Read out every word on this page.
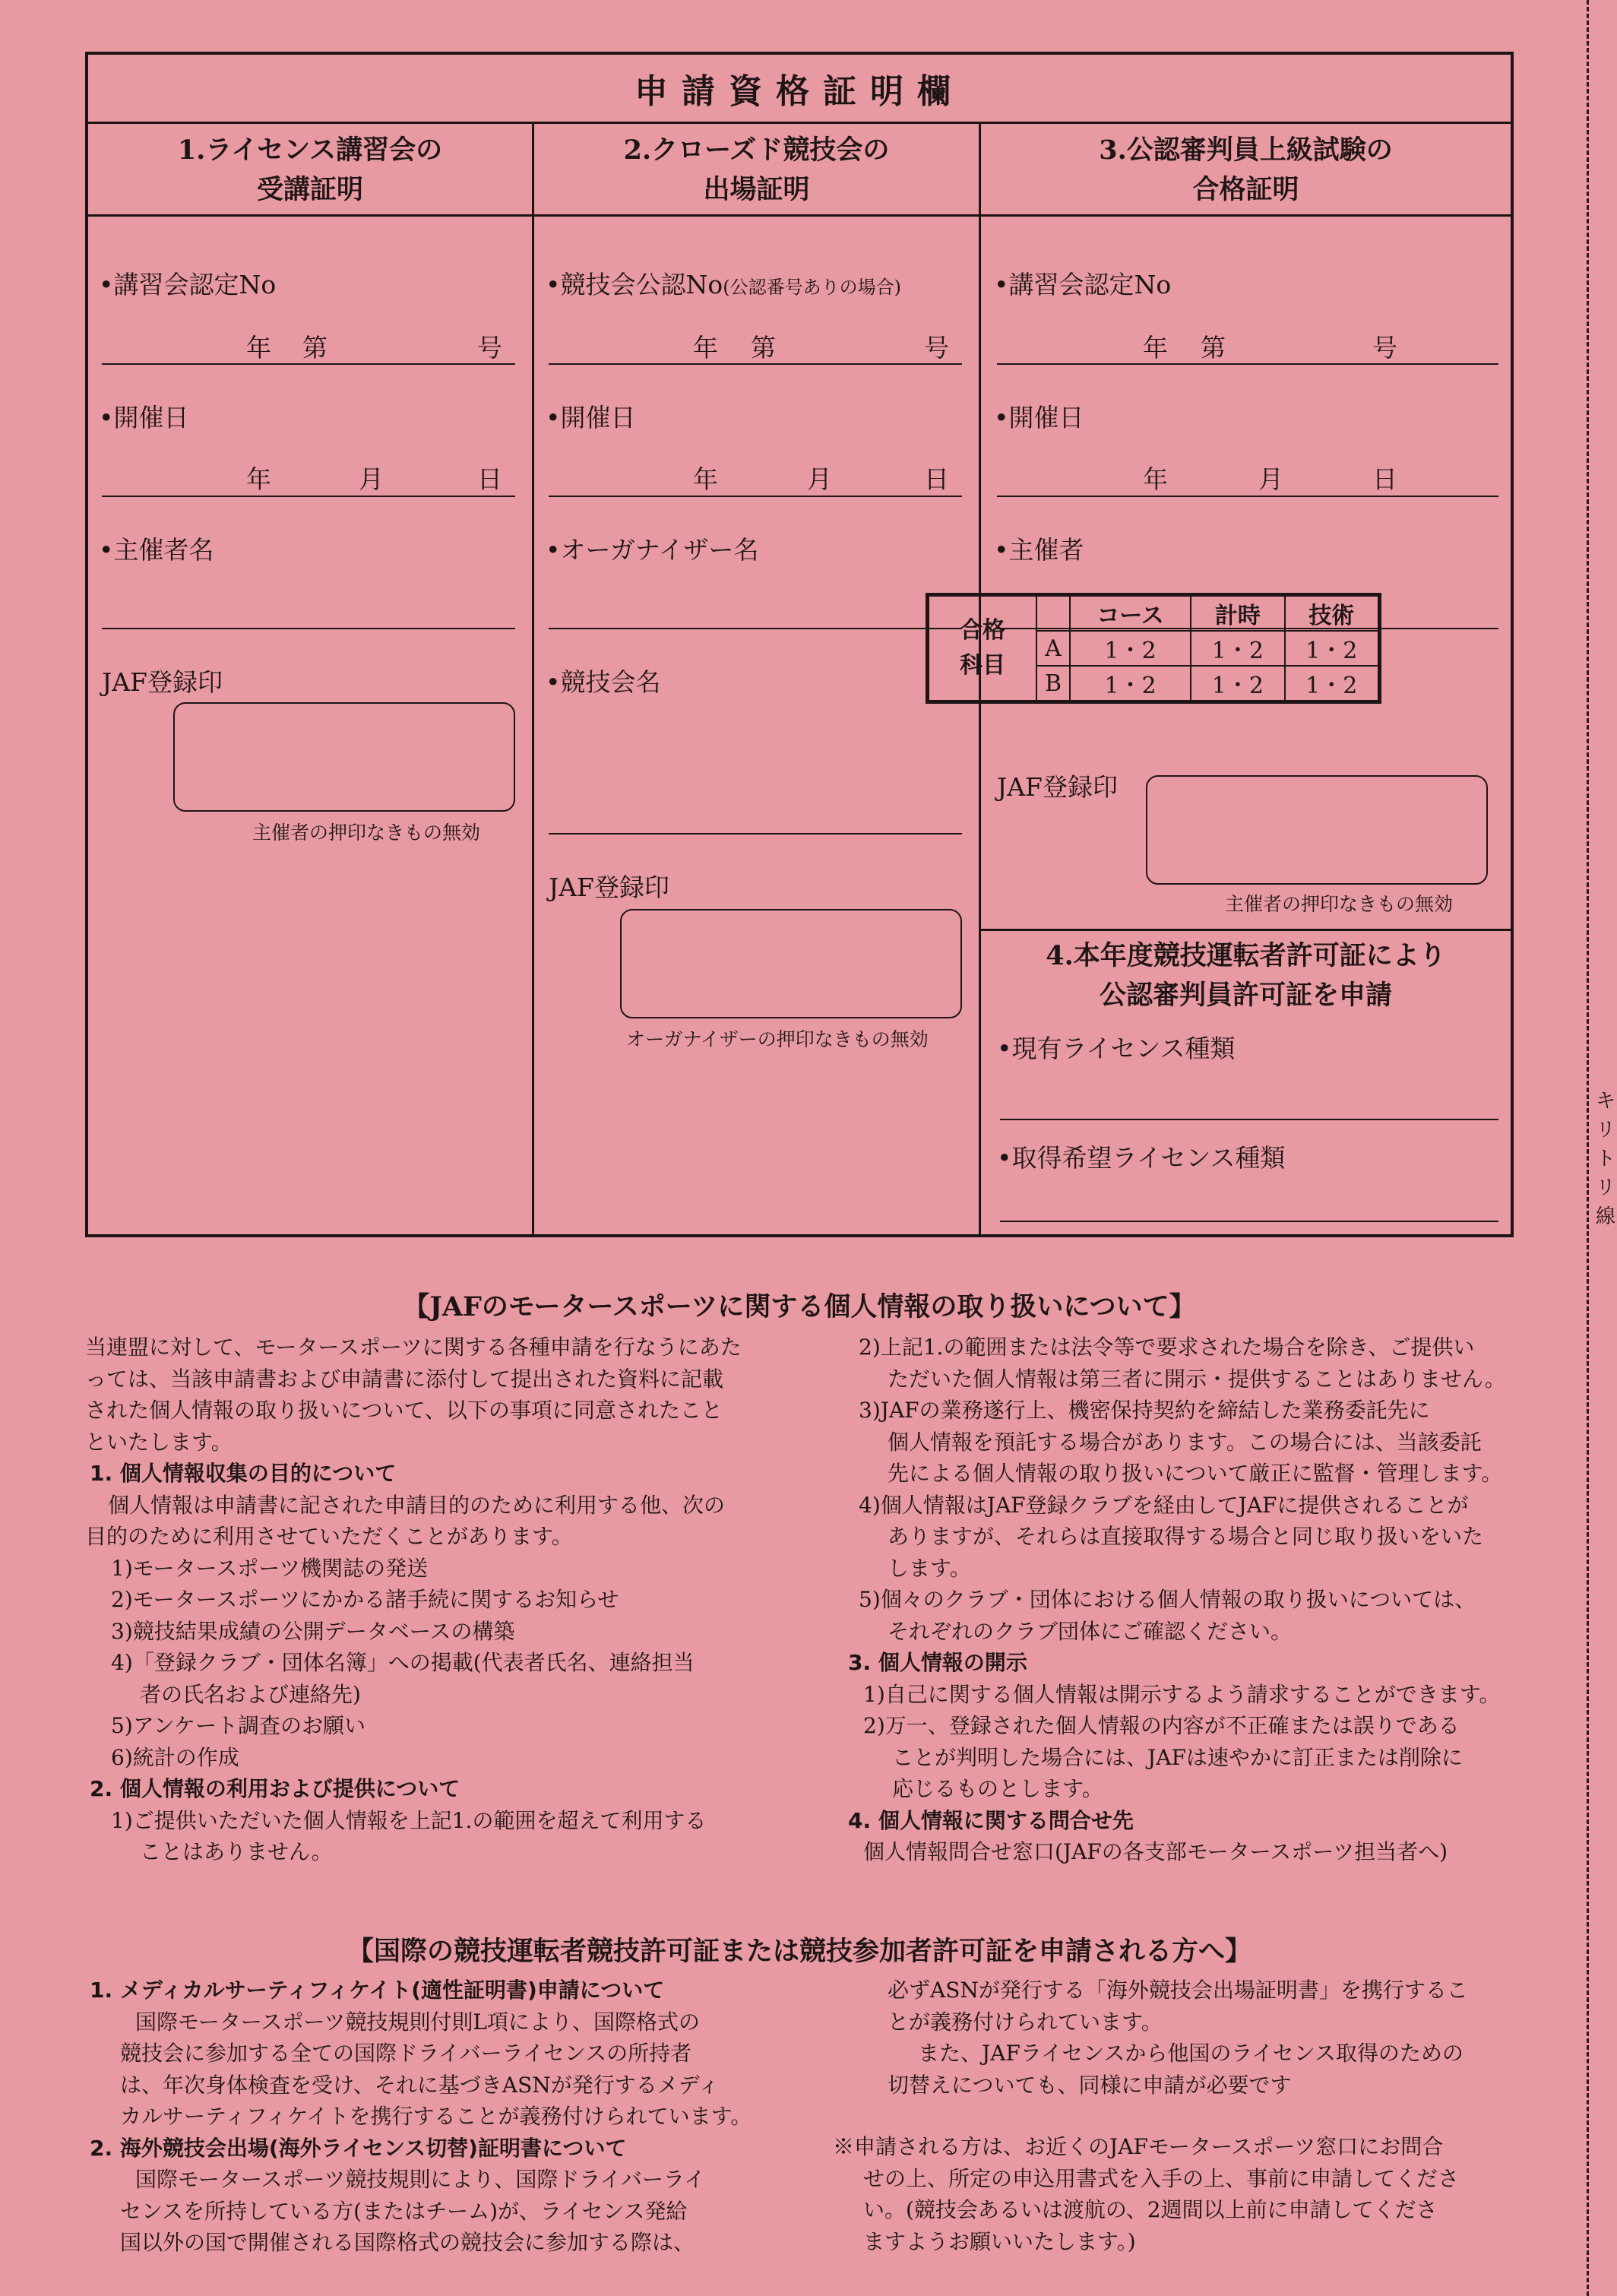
キリトリ線
申請資格証明欄
1.ライセンス講習会の
受講証明
2.クローズド競技会の
出場証明
3.公認審判員上級試験の
合格証明
•講習会認定No
年 第	号
•開催日
年	月	日
•主催者名
JAF登録印
主催者の押印なきもの無効
•競技会公認No(公認番号ありの場合)
年 第	号
•開催日
年	月	日
•オーガナイザー名
•競技会名
JAF登録印
オーガナイザーの押印なきもの無効
•講習会認定No
年 第	号
•開催日
年	月	日
•主催者
JAF登録印
主催者の押印なきもの無効
4.本年度競技運転者許可証により
公認審判員許可証を申請
•現有ライセンス種類
•取得希望ライセンス種類
合格
科目		コース	計時	技術
	A	1・2	1・2	1・2
	B	1・2	1・2	1・2
【JAFのモータースポーツに関する個人情報の取り扱いについて】

当連盟に対して、モータースポーツに関する各種申請を行なうにあた

っては、当該申請書および申請書に添付して提出された資料に記載

された個人情報の取り扱いについて、以下の事項に同意されたこと

といたします。

1. 個人情報収集の目的について

個人情報は申請書に記された申請目的のために利用する他、次の

目的のために利用させていただくことがあります。

1)モータースポーツ機関誌の発送

2)モータースポーツにかかる諸手続に関するお知らせ

3)競技結果成績の公開データベースの構築

4)「登録クラブ・団体名簿」への掲載(代表者氏名、連絡担当

者の氏名および連絡先)

5)アンケート調査のお願い

6)統計の作成

2. 個人情報の利用および提供について

1)ご提供いただいた個人情報を上記1.の範囲を超えて利用する

ことはありません。

2)上記1.の範囲または法令等で要求された場合を除き、ご提供い

ただいた個人情報は第三者に開示・提供することはありません。

3)JAFの業務遂行上、機密保持契約を締結した業務委託先に

個人情報を預託する場合があります。この場合には、当該委託

先による個人情報の取り扱いについて厳正に監督・管理します。

4)個人情報はJAF登録クラブを経由してJAFに提供されることが

ありますが、それらは直接取得する場合と同じ取り扱いをいた

します。

5)個々のクラブ・団体における個人情報の取り扱いについては、

それぞれのクラブ団体にご確認ください。

3. 個人情報の開示

1)自己に関する個人情報は開示するよう請求することができます。

2)万一、登録された個人情報の内容が不正確または誤りである

ことが判明した場合には、JAFは速やかに訂正または削除に

応じるものとします。

4. 個人情報に関する問合せ先

個人情報問合せ窓口(JAFの各支部モータースポーツ担当者へ)

【国際の競技運転者競技許可証または競技参加者許可証を申請される方へ】

1. メディカルサーティフィケイト(適性証明書)申請について

国際モータースポーツ競技規則付則L項により、国際格式の

競技会に参加する全ての国際ドライバーライセンスの所持者

は、年次身体検査を受け、それに基づきASNが発行するメディ

カルサーティフィケイトを携行することが義務付けられています。

2. 海外競技会出場(海外ライセンス切替)証明書について

国際モータースポーツ競技規則により、国際ドライバーライ

センスを所持している方(またはチーム)が、ライセンス発給

国以外の国で開催される国際格式の競技会に参加する際は、

必ずASNが発行する「海外競技会出場証明書」を携行するこ

とが義務付けられています。

また、JAFライセンスから他国のライセンス取得のための

切替えについても、同様に申請が必要です

※申請される方は、お近くのJAFモータースポーツ窓口にお問合

せの上、所定の申込用書式を入手の上、事前に申請してくださ

い。(競技会あるいは渡航の、2週間以上前に申請してくださ

ますようお願いいたします。)
